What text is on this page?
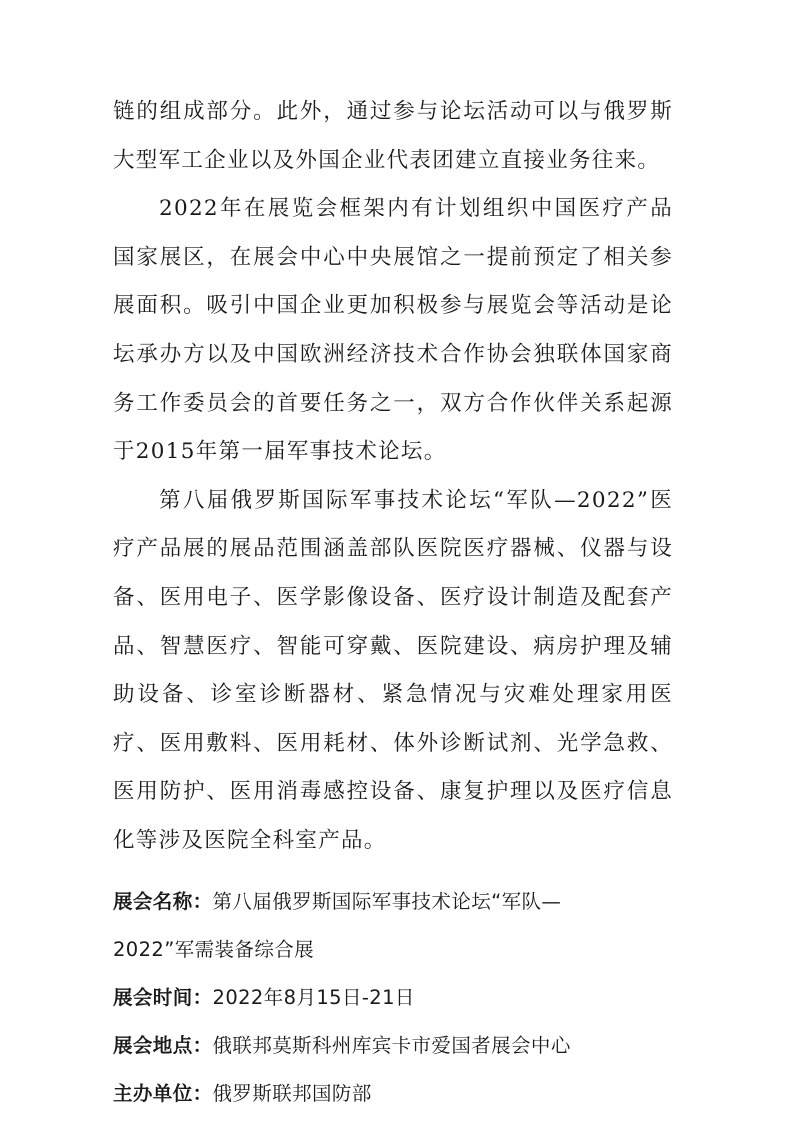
链的组成部分。此外，通过参与论坛活动可以与俄罗斯大型军工企业以及外国企业代表团建立直接业务往来。

2022年在展览会框架内有计划组织中国医疗产品国家展区，在展会中心中央展馆之一提前预定了相关参展面积。吸引中国企业更加积极参与展览会等活动是论坛承办方以及中国欧洲经济技术合作协会独联体国家商务工作委员会的首要任务之一，双方合作伙伴关系起源于2015年第一届军事技术论坛。

第八届俄罗斯国际军事技术论坛“军队—2022”医疗产品展的展品范围涵盖部队医院医疗器械、仪器与设备、医用电子、医学影像设备、医疗设计制造及配套产品、智慧医疗、智能可穿戴、医院建设、病房护理及辅助设备、诊室诊断器材、紧急情况与灾难处理家用医疗、医用敷料、医用耗材、体外诊断试剂、光学急救、医用防护、医用消毒感控设备、康复护理以及医疗信息化等涉及医院全科室产品。

展会名称：第八届俄罗斯国际军事技术论坛“军队—
2022”军需装备综合展
展会时间：2022年8月15日-21日
展会地点：俄联邦莫斯科州库宾卡市爱国者展会中心
主办单位：俄罗斯联邦国防部
